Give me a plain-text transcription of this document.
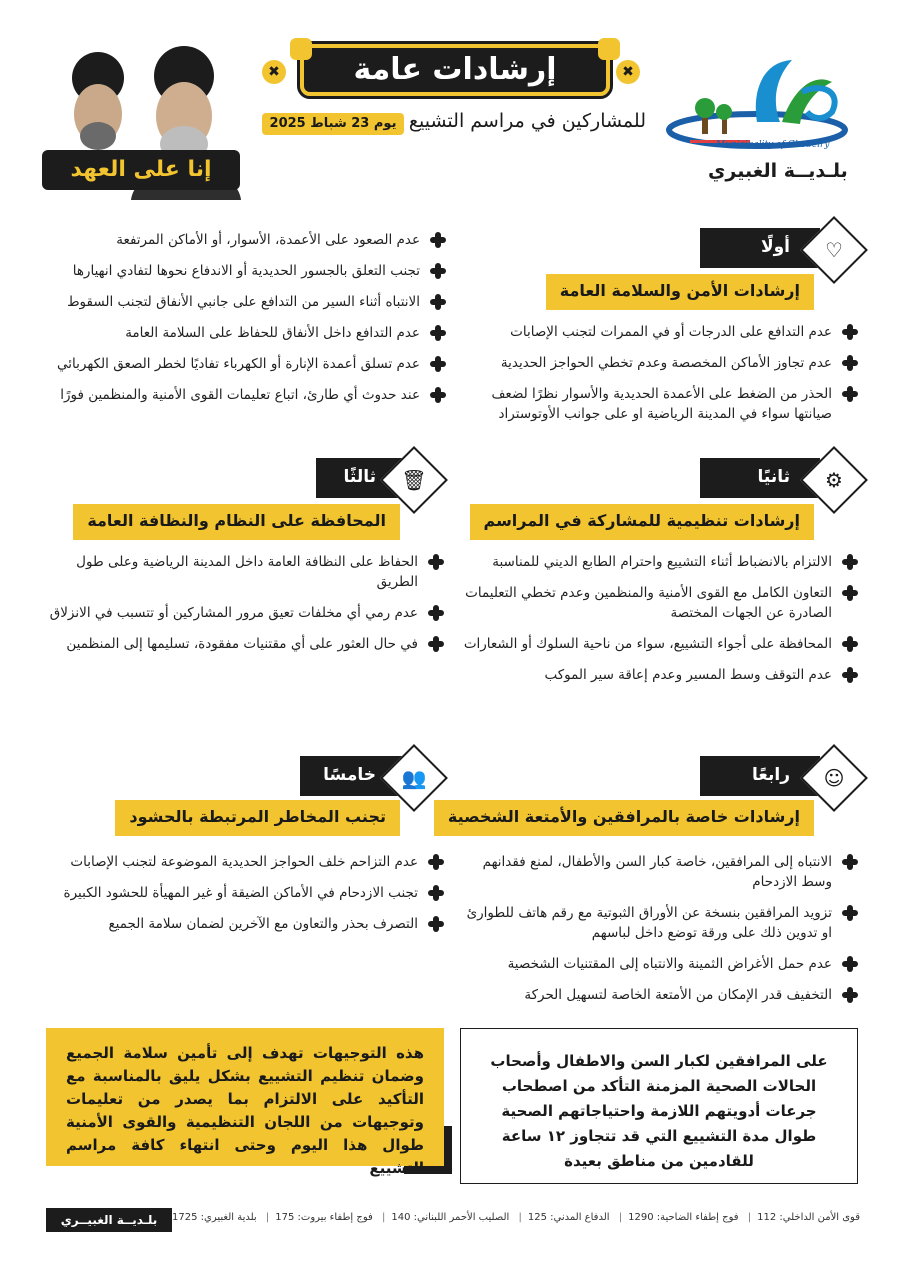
✖	✖
إرشادات عامة
للمشاركين في مراسم التشييع
يوم 23 شباط 2025
Municipality of Ghobeiry
بلـديــة الغبيري
إنا على العهد
أولًا	♡
إرشادات الأمن والسلامة العامة
عدم التدافع على الدرجات أو في الممرات لتجنب الإصابات
عدم تجاوز الأماكن المخصصة وعدم تخطي الحواجز الحديدية
الحذر من الضغط على الأعمدة الحديدية والأسوار نظرًا لضعف صيانتها سواء في المدينة الرياضية او على جوانب الأوتوستراد
عدم الصعود على الأعمدة، الأسوار، أو الأماكن المرتفعة
تجنب التعلق بالجسور الحديدية أو الاندفاع نحوها لتفادي انهيارها
الانتباه أثناء السير من التدافع على جانبي الأنفاق لتجنب السقوط
عدم التدافع داخل الأنفاق للحفاظ على السلامة العامة
عدم تسلق أعمدة الإنارة أو الكهرباء تفاديًا لخطر الصعق الكهربائي
عند حدوث أي طارئ، اتباع تعليمات القوى الأمنية والمنظمين فورًا
ثانيًا	⚙
إرشادات تنظيمية للمشاركة في المراسم
الالتزام بالانضباط أثناء التشييع واحترام الطابع الديني للمناسبة
التعاون الكامل مع القوى الأمنية والمنظمين وعدم تخطي التعليمات الصادرة عن الجهات المختصة
المحافظة على أجواء التشييع، سواء من ناحية السلوك أو الشعارات
عدم التوقف وسط المسير وعدم إعاقة سير الموكب
ثالثًا	🗑
المحافظة على النظام والنظافة العامة
الحفاظ على النظافة العامة داخل المدينة الرياضية وعلى طول الطريق
عدم رمي أي مخلفات تعيق مرور المشاركين أو تتسبب في الانزلاق
في حال العثور على أي مقتنيات مفقودة، تسليمها إلى المنظمين
رابعًا	☺
إرشادات خاصة بالمرافقين والأمتعة الشخصية
الانتباه إلى المرافقين، خاصة كبار السن والأطفال، لمنع فقدانهم وسط الازدحام
تزويد المرافقين بنسخة عن الأوراق الثبوتية مع رقم هاتف للطوارئ او تدوين ذلك على ورقة توضع داخل لباسهم
عدم حمل الأغراض الثمينة والانتباه إلى المقتنيات الشخصية
التخفيف قدر الإمكان من الأمتعة الخاصة لتسهيل الحركة
خامسًا	👥
تجنب المخاطر المرتبطة بالحشود
عدم التزاحم خلف الحواجز الحديدية الموضوعة لتجنب الإصابات
تجنب الازدحام في الأماكن الضيقة أو غير المهيأة للحشود الكبيرة
التصرف بحذر والتعاون مع الآخرين لضمان سلامة الجميع
على المرافقين لكبار السن والاطفال وأصحاب الحالات الصحية المزمنة التأكد من اصطحاب جرعات أدويتهم اللازمة واحتياجاتهم الصحية طوال مدة التشييع التي قد تتجاوز ١٢ ساعة للقادمين من مناطق بعيدة
هذه التوجيهات تهدف إلى تأمين سلامة الجميع وضمان تنظيم التشييع بشكل يليق بالمناسبة مع التأكيد على الالتزام بما يصدر من تعليمات وتوجيهات من اللجان التنظيمية والقوى الأمنية طوال هذا اليوم وحتى انتهاء كافة مراسم التشييع
قوى الأمن الداخلي: 112| فوج إطفاء الضاحية: 1290| الدفاع المدني: 125| الصليب الأحمر اللبناني: 140| فوج إطفاء بيروت: 175| بلدية الغبيري: 1725
بلـديــة الغبيــري
